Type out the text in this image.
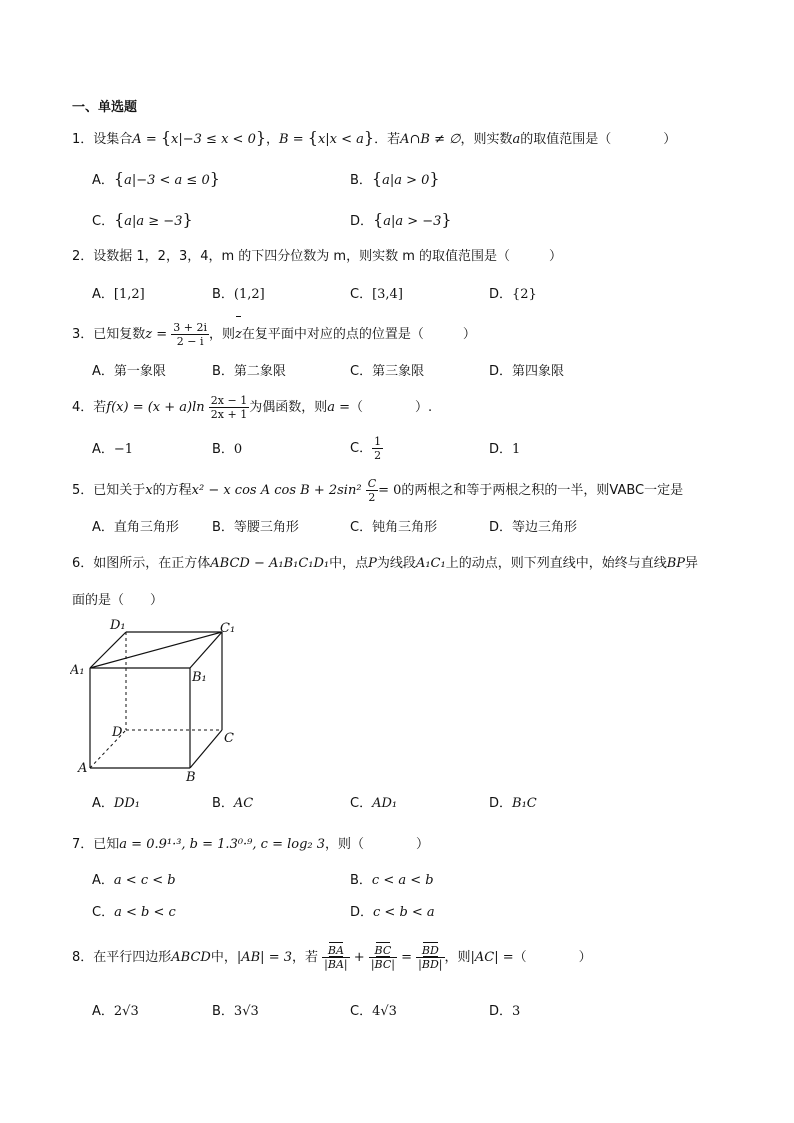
一、单选题
1．设集合A = {x|−3 ≤ x < 0}，B = {x|x < a}．若A∩B ≠ ∅，则实数a的取值范围是（　　　　）
A．{a|−3 < a ≤ 0}	B．{a|a > 0}
C．{a|a ≥ −3}	D．{a|a > −3}
2．设数据 1，2，3，4，m 的下四分位数为 m，则实数 m 的取值范围是（　　　）
A．[1,2]	B．(1,2]	C．[3,4]	D．{2}
3．已知复数$z = \frac{3 + 2i}{2 - i}$ ，则z在复平面中对应的点的位置是（　　　）
A．第一象限	B．第二象限	C．第三象限	D．第四象限
4．若$f(x) = (x + a)\ln \frac{2x - 1}{2x + 1}$ 为偶函数，则a =（　　　　）.
A．−1	B．0	C． $\frac{1}{2}$	D．1
5．已知关于x的方程x² − x cos A $\cos B + 2\sin^2 \frac{C}{2} = 0$的两根之和等于两根之积的一半，则VABC一定是
A．直角三角形	B．等腰三角形	C．钝角三角形	D．等边三角形
6．如图所示，在正方体ABCD − A₁B₁C₁D₁中，点P为线段A₁C₁上的动点，则下列直线中，始终与直线BP异
面的是（　　）
D₁	C₁
A₁	B₁
D	C
A
B
A．DD₁	B．AC	C．AD₁	D．B₁C
7．已知a = 0.9¹·³, b = 1.3⁰·⁹, c = log₂ 3，则（　　　　）
A．a < c < b	B．c < a < b
C．a < b < c	D．c < b < a
8．在平行四边形ABCD中，|AB| = 3，若 $\frac{BA}{|BA|} + \frac{BC}{|BC|} = \frac{BD}{|BD|}$ ，则|AC| =（　　　　）
A．2√3	B．3√3	C．4√3	D．3
